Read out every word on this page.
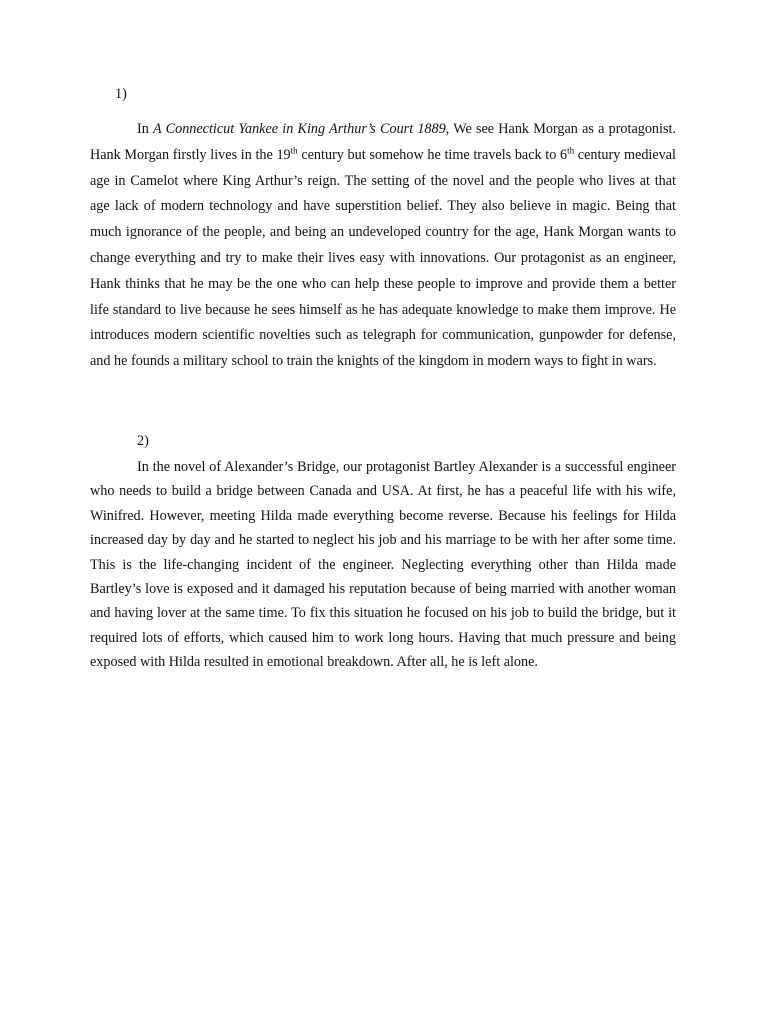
1)

In A Connecticut Yankee in King Arthur’s Court 1889, We see Hank Morgan as a protagonist. Hank Morgan firstly lives in the 19th century but somehow he time travels back to 6th century medieval age in Camelot where King Arthur’s reign. The setting of the novel and the people who lives at that age lack of modern technology and have superstition belief. They also believe in magic. Being that much ignorance of the people, and being an undeveloped country for the age, Hank Morgan wants to change everything and try to make their lives easy with innovations. Our protagonist as an engineer, Hank thinks that he may be the one who can help these people to improve and provide them a better life standard to live because he sees himself as he has adequate knowledge to make them improve. He introduces modern scientific novelties such as telegraph for communication, gunpowder for defense, and he founds a military school to train the knights of the kingdom in modern ways to fight in wars.

2)

In the novel of Alexander’s Bridge, our protagonist Bartley Alexander is a successful engineer who needs to build a bridge between Canada and USA. At first, he has a peaceful life with his wife, Winifred. However, meeting Hilda made everything become reverse. Because his feelings for Hilda increased day by day and he started to neglect his job and his marriage to be with her after some time. This is the life-changing incident of the engineer. Neglecting everything other than Hilda made Bartley’s love is exposed and it damaged his reputation because of being married with another woman and having lover at the same time. To fix this situation he focused on his job to build the bridge, but it required lots of efforts, which caused him to work long hours. Having that much pressure and being exposed with Hilda resulted in emotional breakdown. After all, he is left alone.
